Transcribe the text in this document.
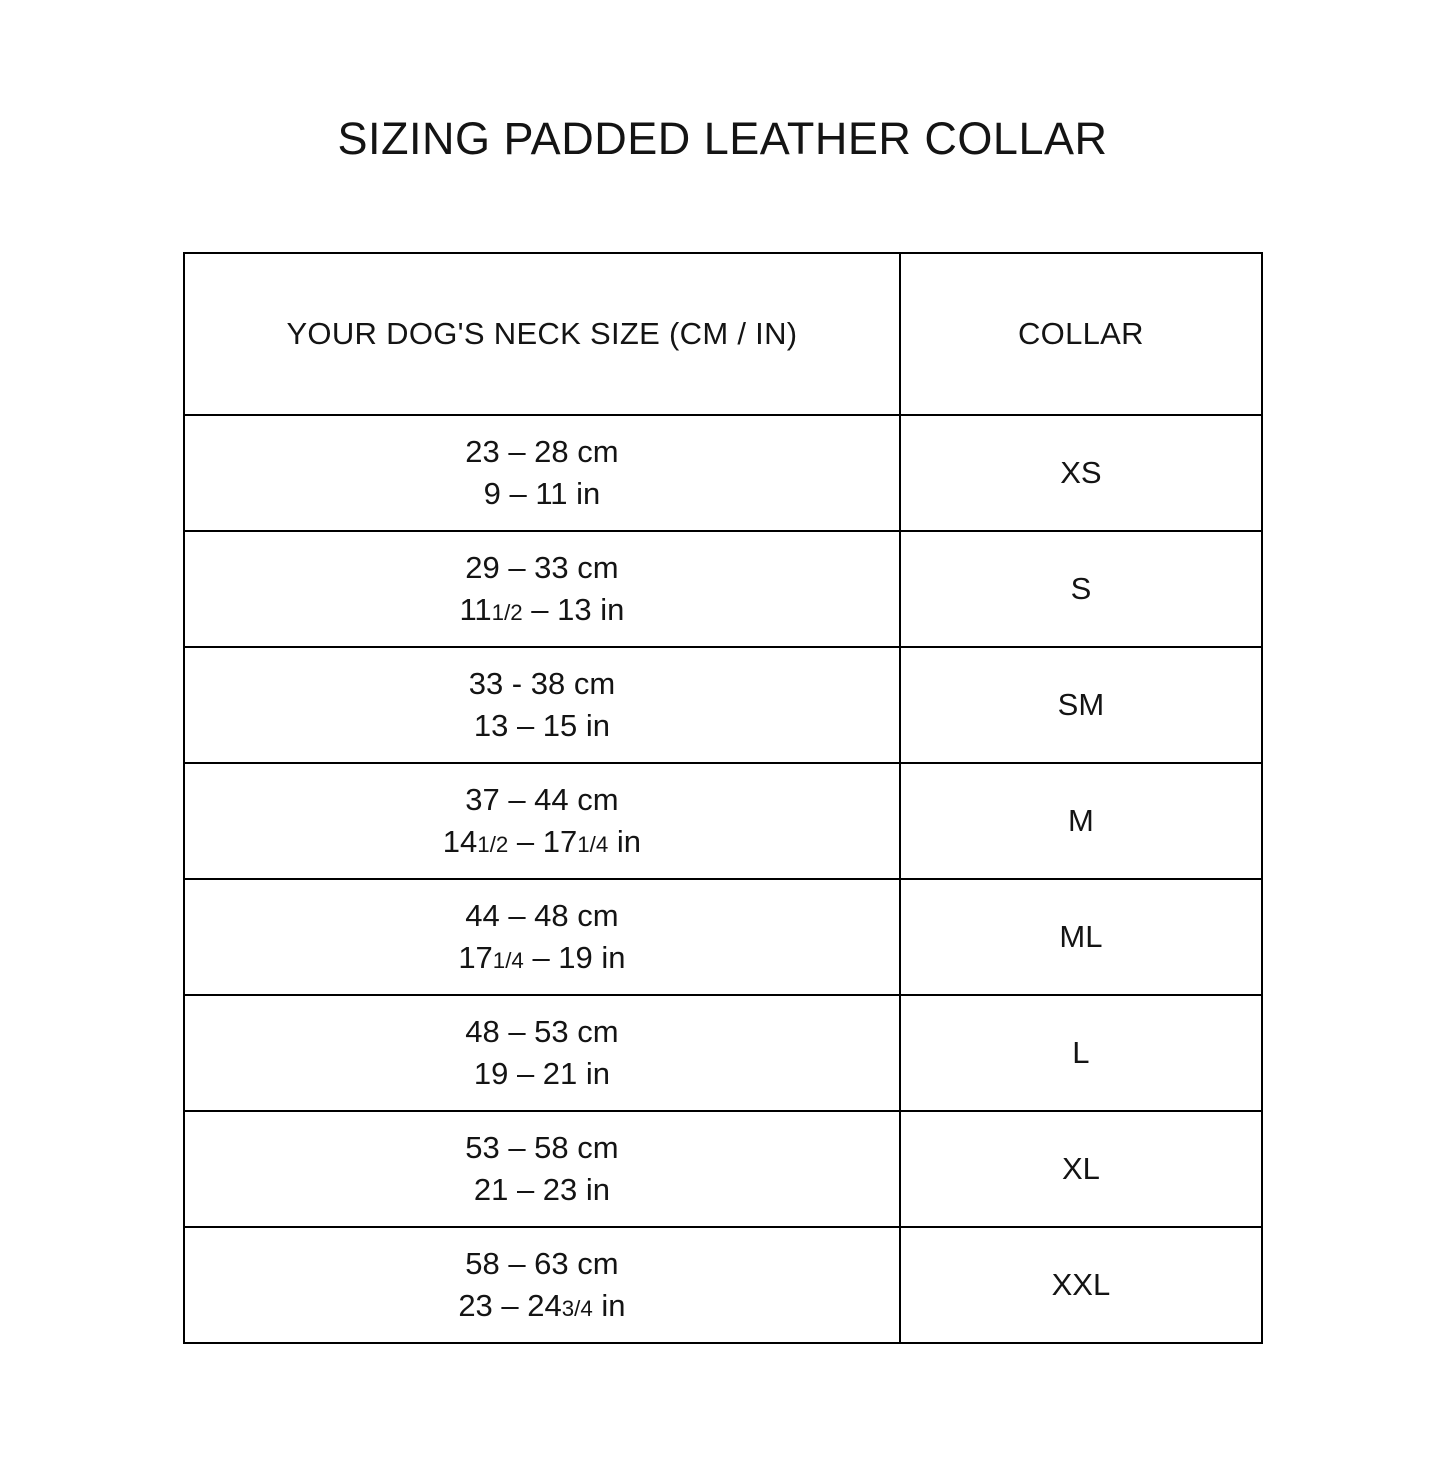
SIZING PADDED LEATHER COLLAR
YOUR DOG'S NECK SIZE (CM / IN)	COLLAR
23 – 28 cm
9 – 11 in	XS
29 – 33 cm
111/2 – 13 in	S
33 - 38 cm
13 – 15 in	SM
37 – 44 cm
141/2 – 171/4 in	M
44 – 48 cm
171/4 – 19 in	ML
48 – 53 cm
19 – 21 in	L
53 – 58 cm
21 – 23 in	XL
58 – 63 cm
23 – 243/4 in	XXL
